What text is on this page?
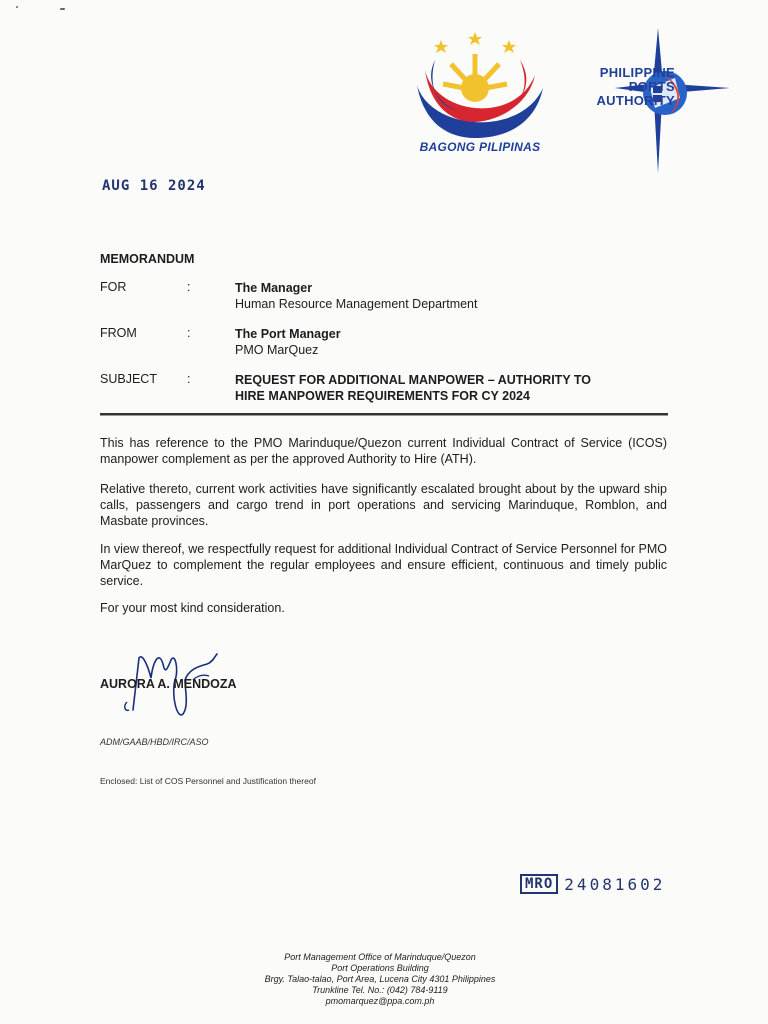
BAGONG PILIPINAS
PHILIPPINE
PORTS
AUTHORITY
AUG 16 2024
MEMORANDUM
FOR	:	The Manager
Human Resource Management Department
FROM	:	The Port Manager
PMO MarQuez
SUBJECT :	REQUEST FOR ADDITIONAL MANPOWER – AUTHORITY TO
HIRE MANPOWER REQUIREMENTS FOR CY 2024
This has reference to the PMO Marinduque/Quezon current Individual Contract of Service (ICOS) manpower complement as per the approved Authority to Hire (ATH).
Relative thereto, current work activities have significantly escalated brought about by the upward ship calls, passengers and cargo trend in port operations and servicing Marinduque, Romblon, and Masbate provinces.
In view thereof, we respectfully request for additional Individual Contract of Service Personnel for PMO MarQuez to complement the regular employees and ensure efficient, continuous and timely public service.
For your most kind consideration.
AURORA A. MENDOZA
ADM/GAAB/HBD/IRC/ASO
Enclosed: List of COS Personnel and Justification thereof
MRO 24081602
Port Management Office of Marinduque/Quezon
Port Operations Building
Brgy. Talao-talao, Port Area, Lucena City 4301 Philippines
Trunkline Tel. No.: (042) 784-9119
pmomarquez@ppa.com.ph
